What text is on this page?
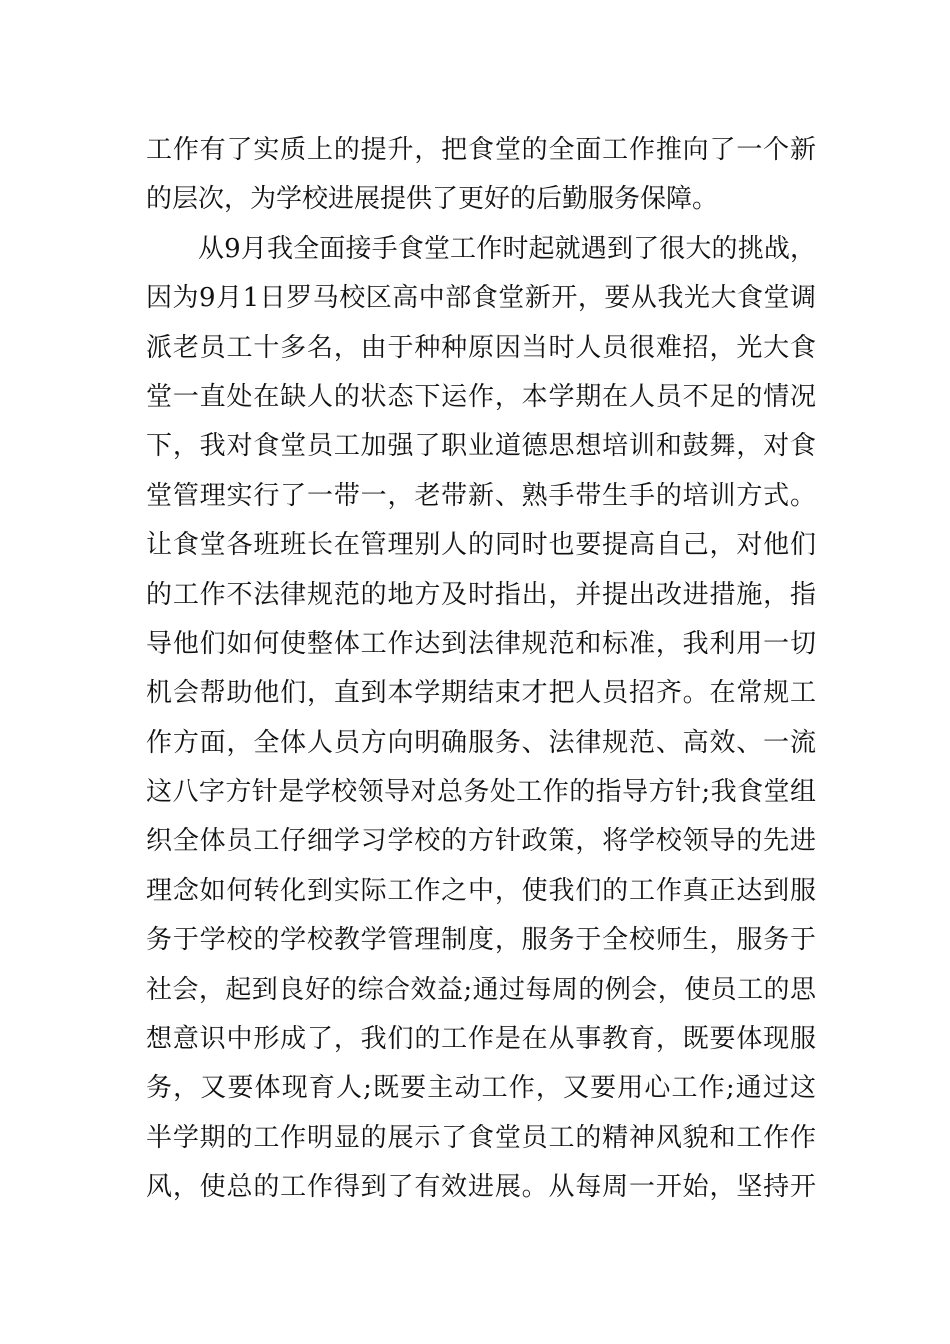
工作有了实质上的提升，把食堂的全面工作推向了一个新
的层次，为学校进展提供了更好的后勤服务保障。
从9月我全面接手食堂工作时起就遇到了很大的挑战，
因为9月1日罗马校区高中部食堂新开，要从我光大食堂调
派老员工十多名，由于种种原因当时人员很难招，光大食
堂一直处在缺人的状态下运作，本学期在人员不足的情况
下，我对食堂员工加强了职业道德思想培训和鼓舞，对食
堂管理实行了一带一，老带新、熟手带生手的培训方式。
让食堂各班班长在管理别人的同时也要提高自己，对他们
的工作不法律规范的地方及时指出，并提出改进措施，指
导他们如何使整体工作达到法律规范和标准，我利用一切
机会帮助他们，直到本学期结束才把人员招齐。在常规工
作方面，全体人员方向明确服务、法律规范、高效、一流
这八字方针是学校领导对总务处工作的指导方针;我食堂组
织全体员工仔细学习学校的方针政策，将学校领导的先进
理念如何转化到实际工作之中，使我们的工作真正达到服
务于学校的学校教学管理制度，服务于全校师生，服务于
社会，起到良好的综合效益;通过每周的例会，使员工的思
想意识中形成了，我们的工作是在从事教育，既要体现服
务，又要体现育人;既要主动工作，又要用心工作;通过这
半学期的工作明显的展示了食堂员工的精神风貌和工作作
风，使总的工作得到了有效进展。从每周一开始，坚持开
